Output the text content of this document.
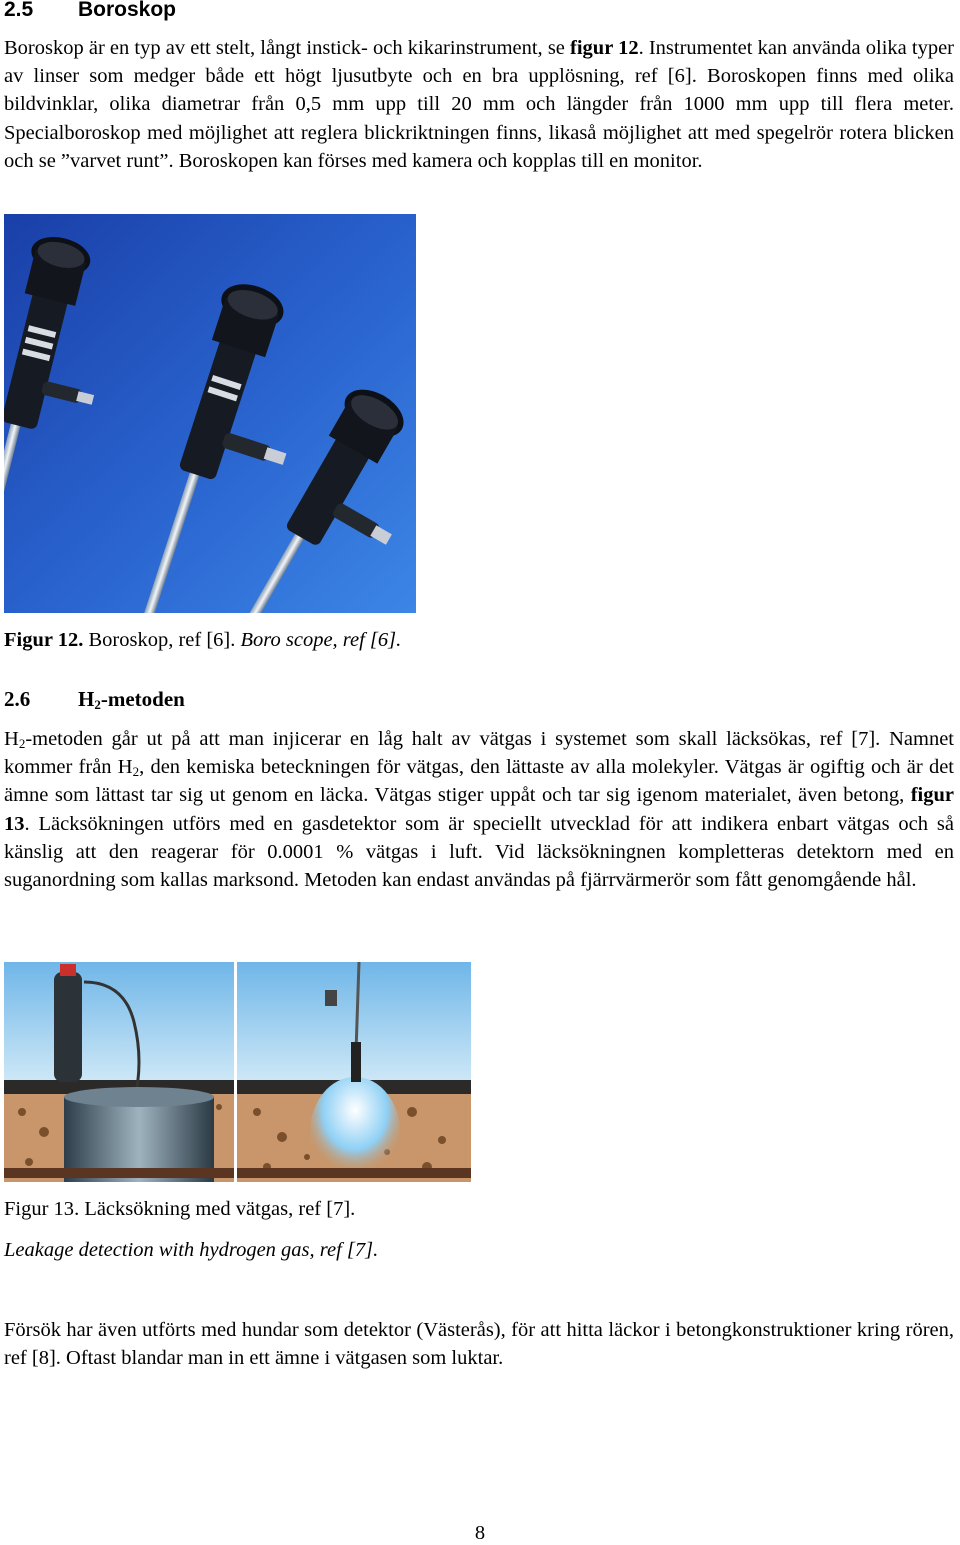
2.5 Boroskop

Boroskop är en typ av ett stelt, långt instick- och kikarinstrument, se figur 12. Instrumentet kan använda olika typer av linser som medger både ett högt ljusutbyte och en bra upplösning, ref [6]. Boroskopen finns med olika bildvinklar, olika diametrar från 0,5 mm upp till 20 mm och längder från 1000 mm upp till flera meter. Specialboroskop med möjlighet att reglera blickriktningen finns, likaså möjlighet att med spegelrör rotera blicken och se ”varvet runt”. Boroskopen kan förses med kamera och kopplas till en monitor.

Figur 12. Boroskop, ref [6]. Boro scope, ref [6].
2.6 $H_2$-metoden

$H_2$-metoden går ut på att man injicerar en låg halt av vätgas i systemet som skall läcksökas, ref [7]. Namnet kommer från $H_2$, den kemiska beteckningen för vätgas, den lättaste av alla molekyler. Vätgas är ogiftig och är det ämne som lättast tar sig ut genom en läcka. Vätgas stiger uppåt och tar sig igenom materialet, även betong, figur 13. Läcksökningen utförs med en gasdetektor som är speciellt utvecklad för att indikera enbart vätgas och så känslig att den reagerar för 0.0001 % vätgas i luft. Vid läcksökningnen kompletteras detektorn med en suganordning som kallas marksond. Metoden kan endast användas på fjärrvärmerör som fått genomgående hål.

Figur 13. Läcksökning med vätgas, ref [7].
Leakage detection with hydrogen gas, ref [7].

Försök har även utförts med hundar som detektor (Västerås), för att hitta läckor i betongkonstruktioner kring rören, ref [8]. Oftast blandar man in ett ämne i vätgasen som luktar.

8
